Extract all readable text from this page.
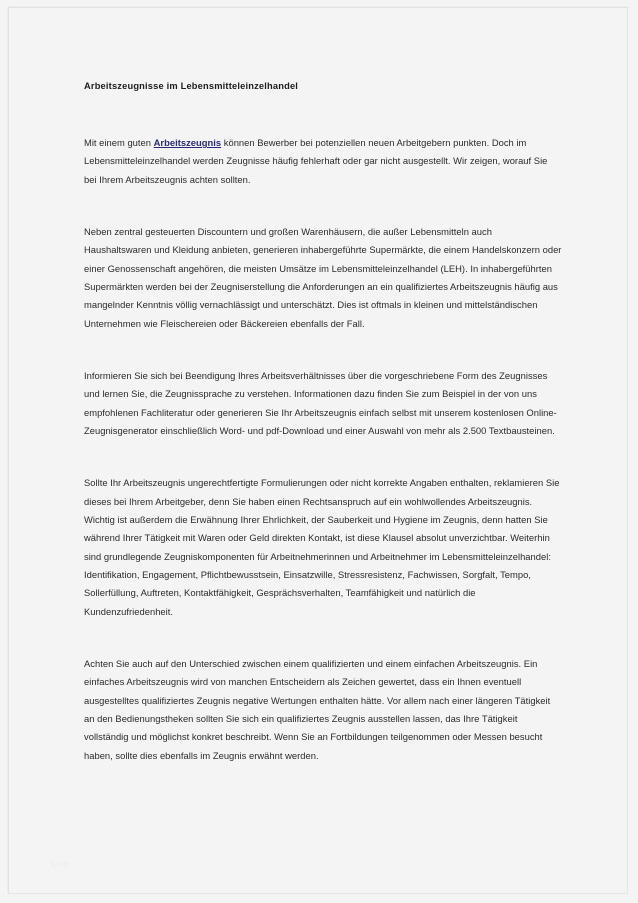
Arbeitszeugnisse im Lebensmitteleinzelhandel

Mit einem guten Arbeitszeugnis können Bewerber bei potenziellen neuen Arbeitgebern punkten. Doch im Lebensmitteleinzelhandel werden Zeugnisse häufig fehlerhaft oder gar nicht ausgestellt. Wir zeigen, worauf Sie bei Ihrem Arbeitszeugnis achten sollten.

Neben zentral gesteuerten Discountern und großen Warenhäusern, die außer Lebensmitteln auch Haushaltswaren und Kleidung anbieten, generieren inhabergeführte Supermärkte, die einem Handelskonzern oder einer Genossenschaft angehören, die meisten Umsätze im Lebensmitteleinzelhandel (LEH). In inhabergeführten Supermärkten werden bei der Zeugniserstellung die Anforderungen an ein qualifiziertes Arbeitszeugnis häufig aus mangelnder Kenntnis völlig vernachlässigt und unterschätzt. Dies ist oftmals in kleinen und mittelständischen Unternehmen wie Fleischereien oder Bäckereien ebenfalls der Fall.

Informieren Sie sich bei Beendigung Ihres Arbeitsverhältnisses über die vorgeschriebene Form des Zeugnisses und lernen Sie, die Zeugnissprache zu verstehen. Informationen dazu finden Sie zum Beispiel in der von uns empfohlenen Fachliteratur oder generieren Sie Ihr Arbeitszeugnis einfach selbst mit unserem kostenlosen Online-Zeugnisgenerator einschließlich Word- und pdf-Download und einer Auswahl von mehr als 2.500 Textbausteinen.

Sollte Ihr Arbeitszeugnis ungerechtfertigte Formulierungen oder nicht korrekte Angaben enthalten, reklamieren Sie dieses bei Ihrem Arbeitgeber, denn Sie haben einen Rechtsanspruch auf ein wohlwollendes Arbeitszeugnis. Wichtig ist außerdem die Erwähnung Ihrer Ehrlichkeit, der Sauberkeit und Hygiene im Zeugnis, denn hatten Sie während Ihrer Tätigkeit mit Waren oder Geld direkten Kontakt, ist diese Klausel absolut unverzichtbar. Weiterhin sind grundlegende Zeugniskomponenten für Arbeitnehmerinnen und Arbeitnehmer im Lebensmitteleinzelhandel: Identifikation, Engagement, Pflichtbewusstsein, Einsatzwille, Stressresistenz, Fachwissen, Sorgfalt, Tempo, Sollerfüllung, Auftreten, Kontaktfähigkeit, Gesprächsverhalten, Teamfähigkeit und natürlich die Kundenzufriedenheit.

Achten Sie auch auf den Unterschied zwischen einem qualifizierten und einem einfachen Arbeitszeugnis. Ein einfaches Arbeitszeugnis wird von manchen Entscheidern als Zeichen gewertet, dass ein Ihnen eventuell ausgestelltes qualifiziertes Zeugnis negative Wertungen enthalten hätte. Vor allem nach einer längeren Tätigkeit an den Bedienungstheken sollten Sie sich ein qualifiziertes Zeugnis ausstellen lassen, das Ihre Tätigkeit vollständig und möglichst konkret beschreibt. Wenn Sie an Fortbildungen teilgenommen oder Messen besucht haben, sollte dies ebenfalls im Zeugnis erwähnt werden.

Blog
